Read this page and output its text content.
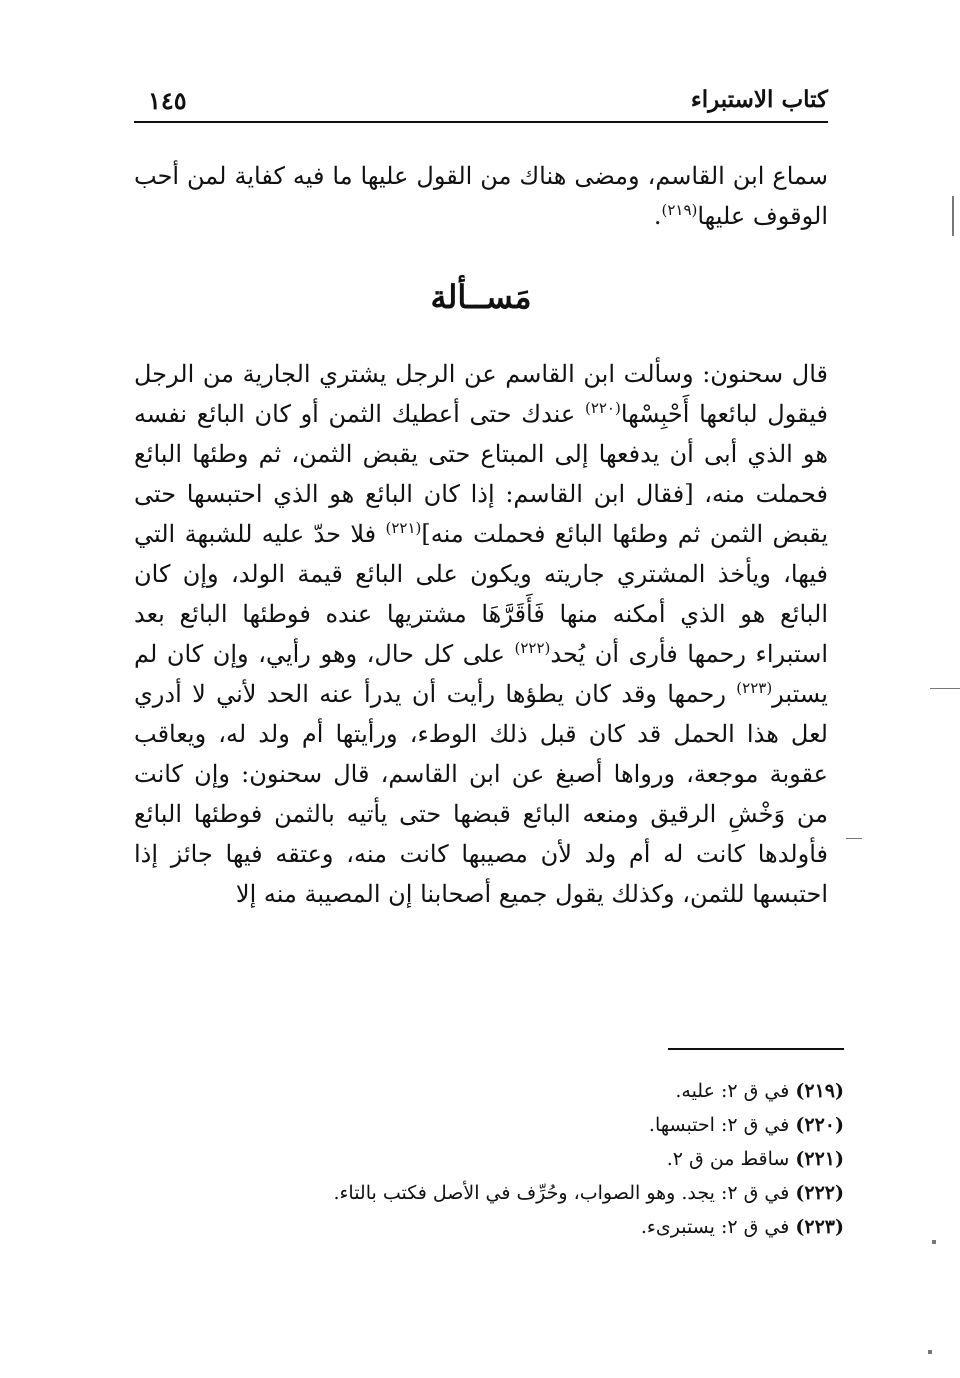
كتاب الاستبراء
١٤٥
سماع ابن القاسم، ومضى هناك من القول عليها ما فيه كفاية لمن أحب الوقوف عليها$^{(٢١٩)}$.
مَســألة
قال سحنون: وسألت ابن القاسم عن الرجل يشتري الجارية من الرجل فيقول لبائعها أَحْبِسْها$^{(٢٢٠)}$ عندك حتى أعطيك الثمن أو كان البائع نفسه هو الذي أبى أن يدفعها إلى المبتاع حتى يقبض الثمن، ثم وطئها البائع فحملت منه، [فقال ابن القاسم: إذا كان البائع هو الذي احتبسها حتى يقبض الثمن ثم وطئها البائع فحملت منه]$^{(٢٢١)}$ فلا حدّ عليه للشبهة التي فيها، ويأخذ المشتري جاريته ويكون على البائع قيمة الولد، وإن كان البائع هو الذي أمكنه منها فَأَقَرَّهَا مشتريها عنده فوطئها البائع بعد استبراء رحمها فأرى أن يُحد$^{(٢٢٢)}$ على كل حال، وهو رأيي، وإن كان لم يستبر$^{(٢٢٣)}$ رحمها وقد كان يطؤها رأيت أن يدرأ عنه الحد لأني لا أدري لعل هذا الحمل قد كان قبل ذلك الوطء، ورأيتها أم ولد له، ويعاقب عقوبة موجعة، ورواها أصبغ عن ابن القاسم، قال سحنون: وإن كانت من وَخْشِ الرقيق ومنعه البائع قبضها حتى يأتيه بالثمن فوطئها البائع فأولدها كانت له أم ولد لأن مصيبها كانت منه، وعتقه فيها جائز إذا احتبسها للثمن، وكذلك يقول جميع أصحابنا إن المصيبة منه إلا
(٢١٩) في ق ٢: عليه.
(٢٢٠) في ق ٢: احتبسها.
(٢٢١) ساقط من ق ٢.
(٢٢٢) في ق ٢: يجد. وهو الصواب، وحُرِّف في الأصل فكتب بالتاء.
(٢٢٣) في ق ٢: يستبرىء.
